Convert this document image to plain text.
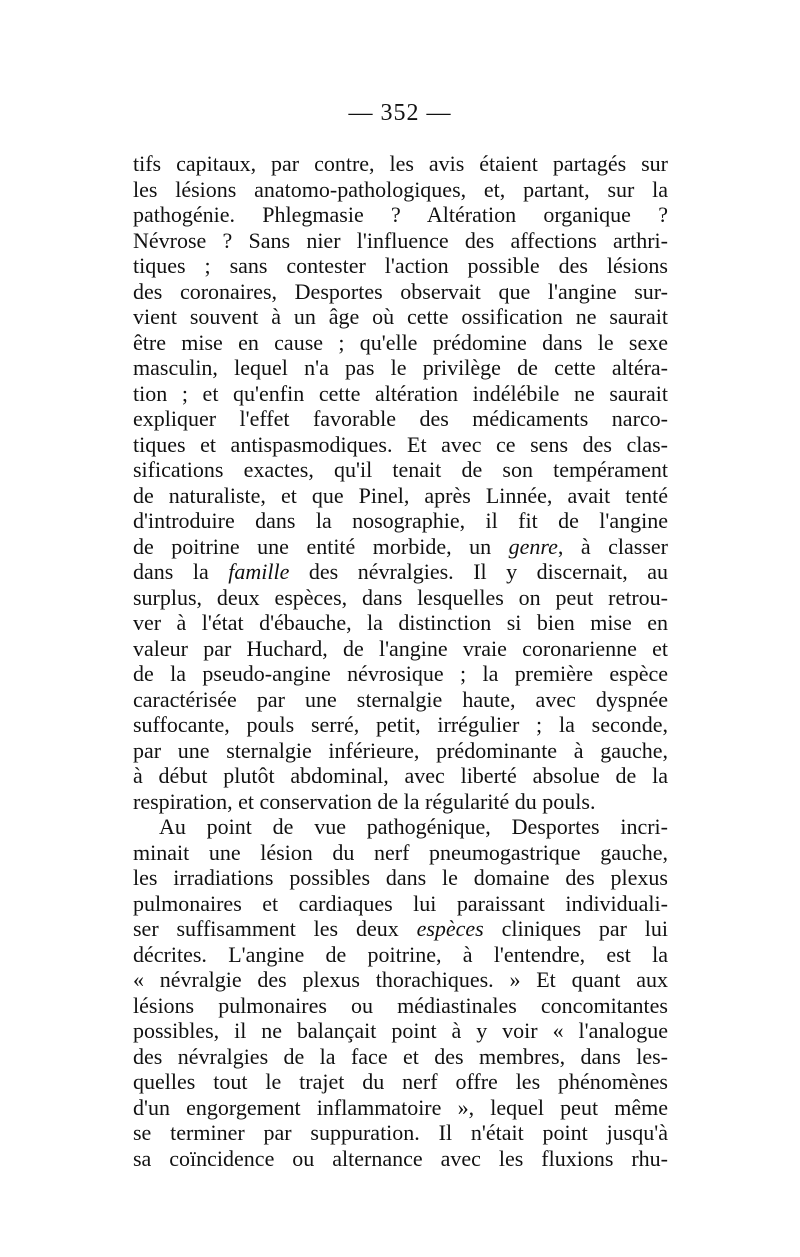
— 352 —
tifs capitaux, par contre, les avis étaient partagés sur
les lésions anatomo-pathologiques, et, partant, sur la
pathogénie. Phlegmasie ? Altération organique ?
Névrose ? Sans nier l'influence des affections arthri-
tiques ; sans contester l'action possible des lésions
des coronaires, Desportes observait que l'angine sur-
vient souvent à un âge où cette ossification ne saurait
être mise en cause ; qu'elle prédomine dans le sexe
masculin, lequel n'a pas le privilège de cette altéra-
tion ; et qu'enfin cette altération indélébile ne saurait
expliquer l'effet favorable des médicaments narco-
tiques et antispasmodiques. Et avec ce sens des clas-
sifications exactes, qu'il tenait de son tempérament
de naturaliste, et que Pinel, après Linnée, avait tenté
d'introduire dans la nosographie, il fit de l'angine
de poitrine une entité morbide, un genre, à classer
dans la famille des névralgies. Il y discernait, au
surplus, deux espèces, dans lesquelles on peut retrou-
ver à l'état d'ébauche, la distinction si bien mise en
valeur par Huchard, de l'angine vraie coronarienne et
de la pseudo-angine névrosique ; la première espèce
caractérisée par une sternalgie haute, avec dyspnée
suffocante, pouls serré, petit, irrégulier ; la seconde,
par une sternalgie inférieure, prédominante à gauche,
à début plutôt abdominal, avec liberté absolue de la
respiration, et conservation de la régularité du pouls.
Au point de vue pathogénique, Desportes incri-
minait une lésion du nerf pneumogastrique gauche,
les irradiations possibles dans le domaine des plexus
pulmonaires et cardiaques lui paraissant individuali-
ser suffisamment les deux espèces cliniques par lui
décrites. L'angine de poitrine, à l'entendre, est la
« névralgie des plexus thorachiques. » Et quant aux
lésions pulmonaires ou médiastinales concomitantes
possibles, il ne balançait point à y voir « l'analogue
des névralgies de la face et des membres, dans les-
quelles tout le trajet du nerf offre les phénomènes
d'un engorgement inflammatoire », lequel peut même
se terminer par suppuration. Il n'était point jusqu'à
sa coïncidence ou alternance avec les fluxions rhu-
